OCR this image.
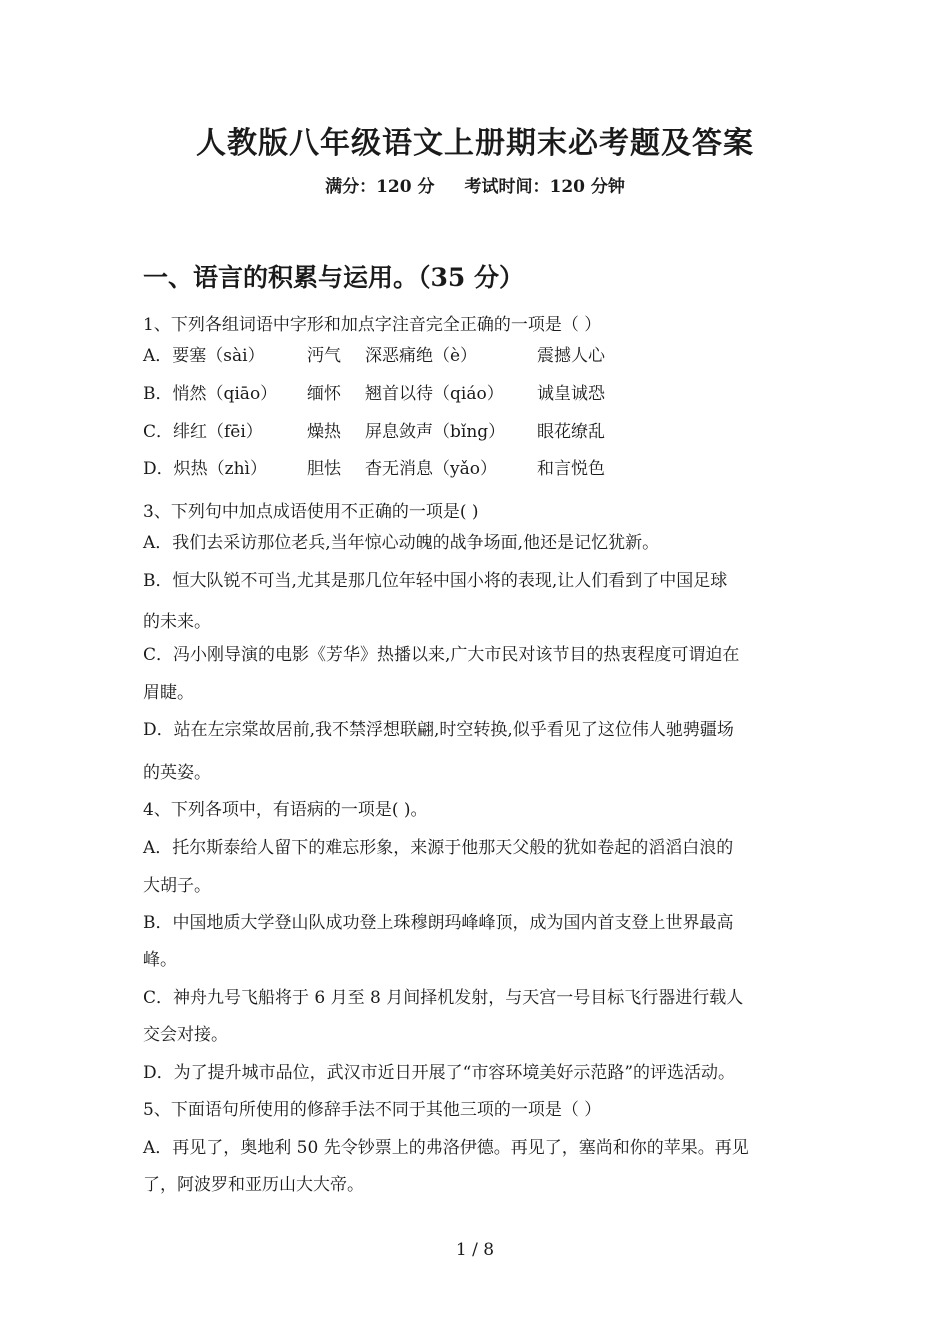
人教版八年级语文上册期末必考题及答案
满分：120 分 考试时间：120 分钟
一、语言的积累与运用。（35 分）
1、下列各组词语中字形和加点字注音完全正确的一项是（ ）
A．要塞（sài） 沔气 深恶痛绝（è）	震撼人心
B．悄然（qiāo） 缅怀 翘首以待（qiáo） 诚皇诚恐
C．绯红（fēi）	燥热 屏息敛声（bǐng） 眼花缭乱
D．炽热（zhì） 胆怯 杳无消息（yǎo） 和言悦色
3、下列句中加点成语使用不正确的一项是( )
A．我们去采访那位老兵,当年惊心动魄的战争场面,他还是记忆犹新。
B．恒大队锐不可当,尤其是那几位年轻中国小将的表现,让人们看到了中国足球
的未来。
C．冯小刚导演的电影《芳华》热播以来,广大市民对该节目的热衷程度可谓迫在
眉睫。
D．站在左宗棠故居前,我不禁浮想联翩,时空转换,似乎看见了这位伟人驰骋疆场
的英姿。
4、下列各项中，有语病的一项是( )。
A．托尔斯泰给人留下的难忘形象，来源于他那天父般的犹如卷起的滔滔白浪的
大胡子。
B．中国地质大学登山队成功登上珠穆朗玛峰峰顶，成为国内首支登上世界最高
峰。
C．神舟九号飞船将于 6 月至 8 月间择机发射，与天宫一号目标飞行器进行载人
交会对接。
D．为了提升城市品位，武汉市近日开展了“市容环境美好示范路”的评选活动。
5、下面语句所使用的修辞手法不同于其他三项的一项是（ ）
A．再见了，奥地利 50 先令钞票上的弗洛伊德。再见了，塞尚和你的苹果。再见
了，阿波罗和亚历山大大帝。
1 / 8
